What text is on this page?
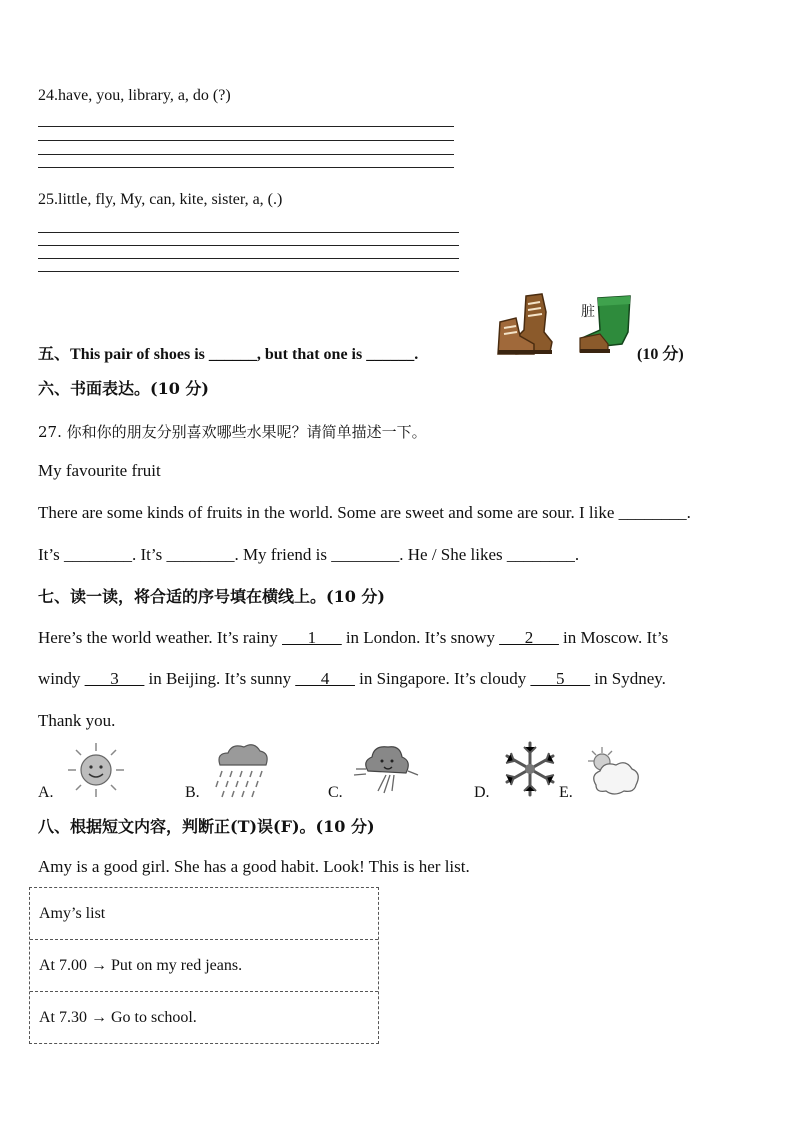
24.have, you, library, a, do (?)
25.little, fly, My, can, kite, sister, a, (.)
五、This pair of shoes is ______, but that one is ______.
脏
(10 分)
六、书面表达。(10 分)
27. 你和你的朋友分别喜欢哪些水果呢？请简单描述一下。
My favourite fruit
There are some kinds of fruits in the world. Some are sweet and some are sour. I like ________.
It’s ________. It’s ________. My friend is ________. He / She likes ________.
七、读一读，将合适的序号填在横线上。(10 分)
Here’s the world weather. It’s rainy ___1___ in London. It’s snowy ___2___ in Moscow. It’s
windy ___3___ in Beijing. It’s sunny ___4___ in Singapore. It’s cloudy ___5___ in Sydney.
Thank you.
A.	B.	C.	D.	E.
八、根据短文内容，判断正(T)误(F)。(10 分)
Amy is a good girl. She has a good habit. Look! This is her list.
Amy’s list
At 7.00 → Put on my red jeans.
At 7.30 → Go to school.
